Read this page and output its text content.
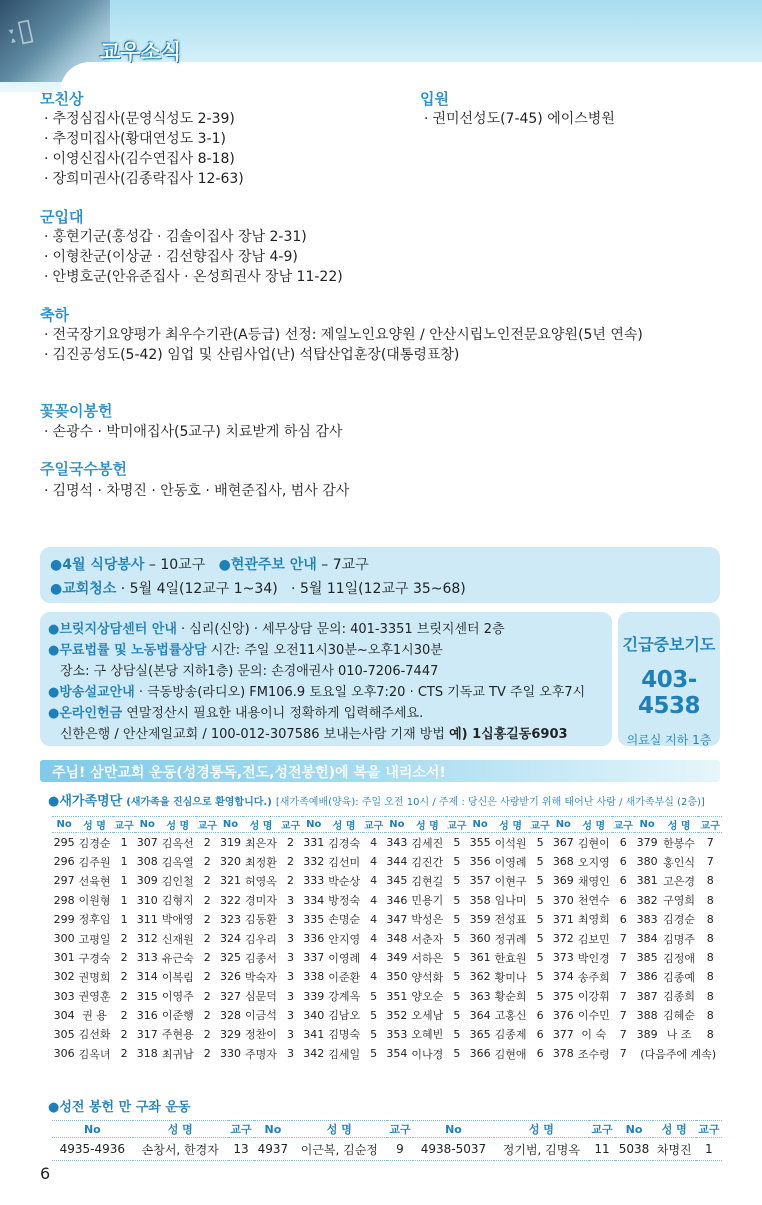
ː▯
교우소식
모친상
· 추정심집사(문영식성도 2-39)
· 추정미집사(황대연성도 3-1)
· 이영신집사(김수연집사 8-18)
· 장희미권사(김종락집사 12-63)
입원
· 권미선성도(7-45) 에이스병원
군입대
· 홍현기군(홍성갑 · 김솔이집사 장남 2-31)
· 이형찬군(이상균 · 김선향집사 장남 4-9)
· 안병호군(안유준집사 · 온성희권사 장남 11-22)
축하
· 전국장기요양평가 최우수기관(A등급) 선정: 제일노인요양원 / 안산시립노인전문요양원(5년 연속)
· 김진공성도(5-42) 임업 및 산림사업(난) 석탑산업훈장(대통령표창)
꽃꽂이봉헌
· 손광수 · 박미애집사(5교구) 치료받게 하심 감사
주일국수봉헌
· 김명석 · 차명진 · 안동호 · 배현준집사, 범사 감사
●4월 식당봉사 – 10교구 ●현관주보 안내 – 7교구
●교회청소 · 5월 4일(12교구 1~34) · 5월 11일(12교구 35~68)
●브릿지상담센터 안내 · 심리(신앙) · 세무상담 문의: 401-3351 브릿지센터 2층
●무료법률 및 노동법률상담 시간: 주일 오전11시30분~오후1시30분
장소: 구 상담실(본당 지하1층) 문의: 손경애권사 010-7206-7447
●방송설교안내 · 극동방송(라디오) FM106.9 토요일 오후7:20 · CTS 기독교 TV 주일 오후7시
●온라인헌금 연말정산시 필요한 내용이니 정확하게 입력해주세요.
신한은행 / 안산제일교회 / 100-012-307586 보내는사람 기재 방법 예) 1십홍길동6903
긴급중보기도
403-4538
의료실 지하 1층
주님! 삼만교회 운동(성경통독,전도,성전봉헌)에 복을 내리소서!
●새가족명단 (새가족을 진심으로 환영합니다.) [새가족예배(양육): 주일 오전 10시 / 주제 : 당신은 사랑받기 위해 태어난 사람 / 새가족부실 (2층)]
No	성 명	교구	No	성 명	교구	No	성 명	교구	No	성 명	교구	No	성 명	교구	No	성 명	교구	No	성 명	교구	No	성 명	교구
295	김경순	1	307	김옥선	2	319	최은자	2	331	김경숙	4	343	김세진	5	355	이석원	5	367	김현이	6	379	한봉수	7
296	김주원	1	308	김옥열	2	320	최정환	2	332	김선미	4	344	김진간	5	356	이영례	5	368	오지영	6	380	홍인식	7
297	선육현	1	309	김인철	2	321	허영옥	2	333	박순상	4	345	김현길	5	357	이현구	5	369	채영인	6	381	고은경	8
298	이원형	1	310	김형지	2	322	경미자	3	334	방정숙	4	346	민용기	5	358	임나미	5	370	천연수	6	382	구영희	8
299	정후임	1	311	박애영	2	323	김동환	3	335	손명순	4	347	박성은	5	359	전성표	5	371	최영희	6	383	김경순	8
300	고평일	2	312	신재원	2	324	김우리	3	336	안지영	4	348	서춘자	5	360	정귀례	5	372	김보민	7	384	김명주	8
301	구경숙	2	313	유근숙	2	325	김종서	3	337	이영례	4	349	서하은	5	361	한효원	5	373	박인경	7	385	김정애	8
302	권명희	2	314	이복림	2	326	박숙자	3	338	이준환	4	350	양석화	5	362	황미나	5	374	송주희	7	386	김종예	8
303	권영훈	2	315	이영주	2	327	심문덕	3	339	강계옥	5	351	양오순	5	363	황순희	5	375	이강휘	7	387	김종희	8
304	권 용	2	316	이준행	2	328	이금석	3	340	김남오	5	352	오세남	5	364	고홍신	6	376	이수민	7	388	김혜순	8
305	김선화	2	317	주현용	2	329	정찬이	3	341	김명숙	5	353	오혜빈	5	365	김종제	6	377	이 숙	7	389	나 조	8
306	김옥녀	2	318	최귀남	2	330	주명자	3	342	김세일	5	354	이나경	5	366	김현애	6	378	조수령	7	(다음주에 계속)		
●성전 봉헌 만 구좌 운동
No	성 명	교구	No	성 명	교구	No	성 명	교구	No	성 명	교구
4935-4936	손창서, 한경자	13	4937	이근복, 김순정	9	4938-5037	정기범, 김명옥	11	5038	차명진	1
6
